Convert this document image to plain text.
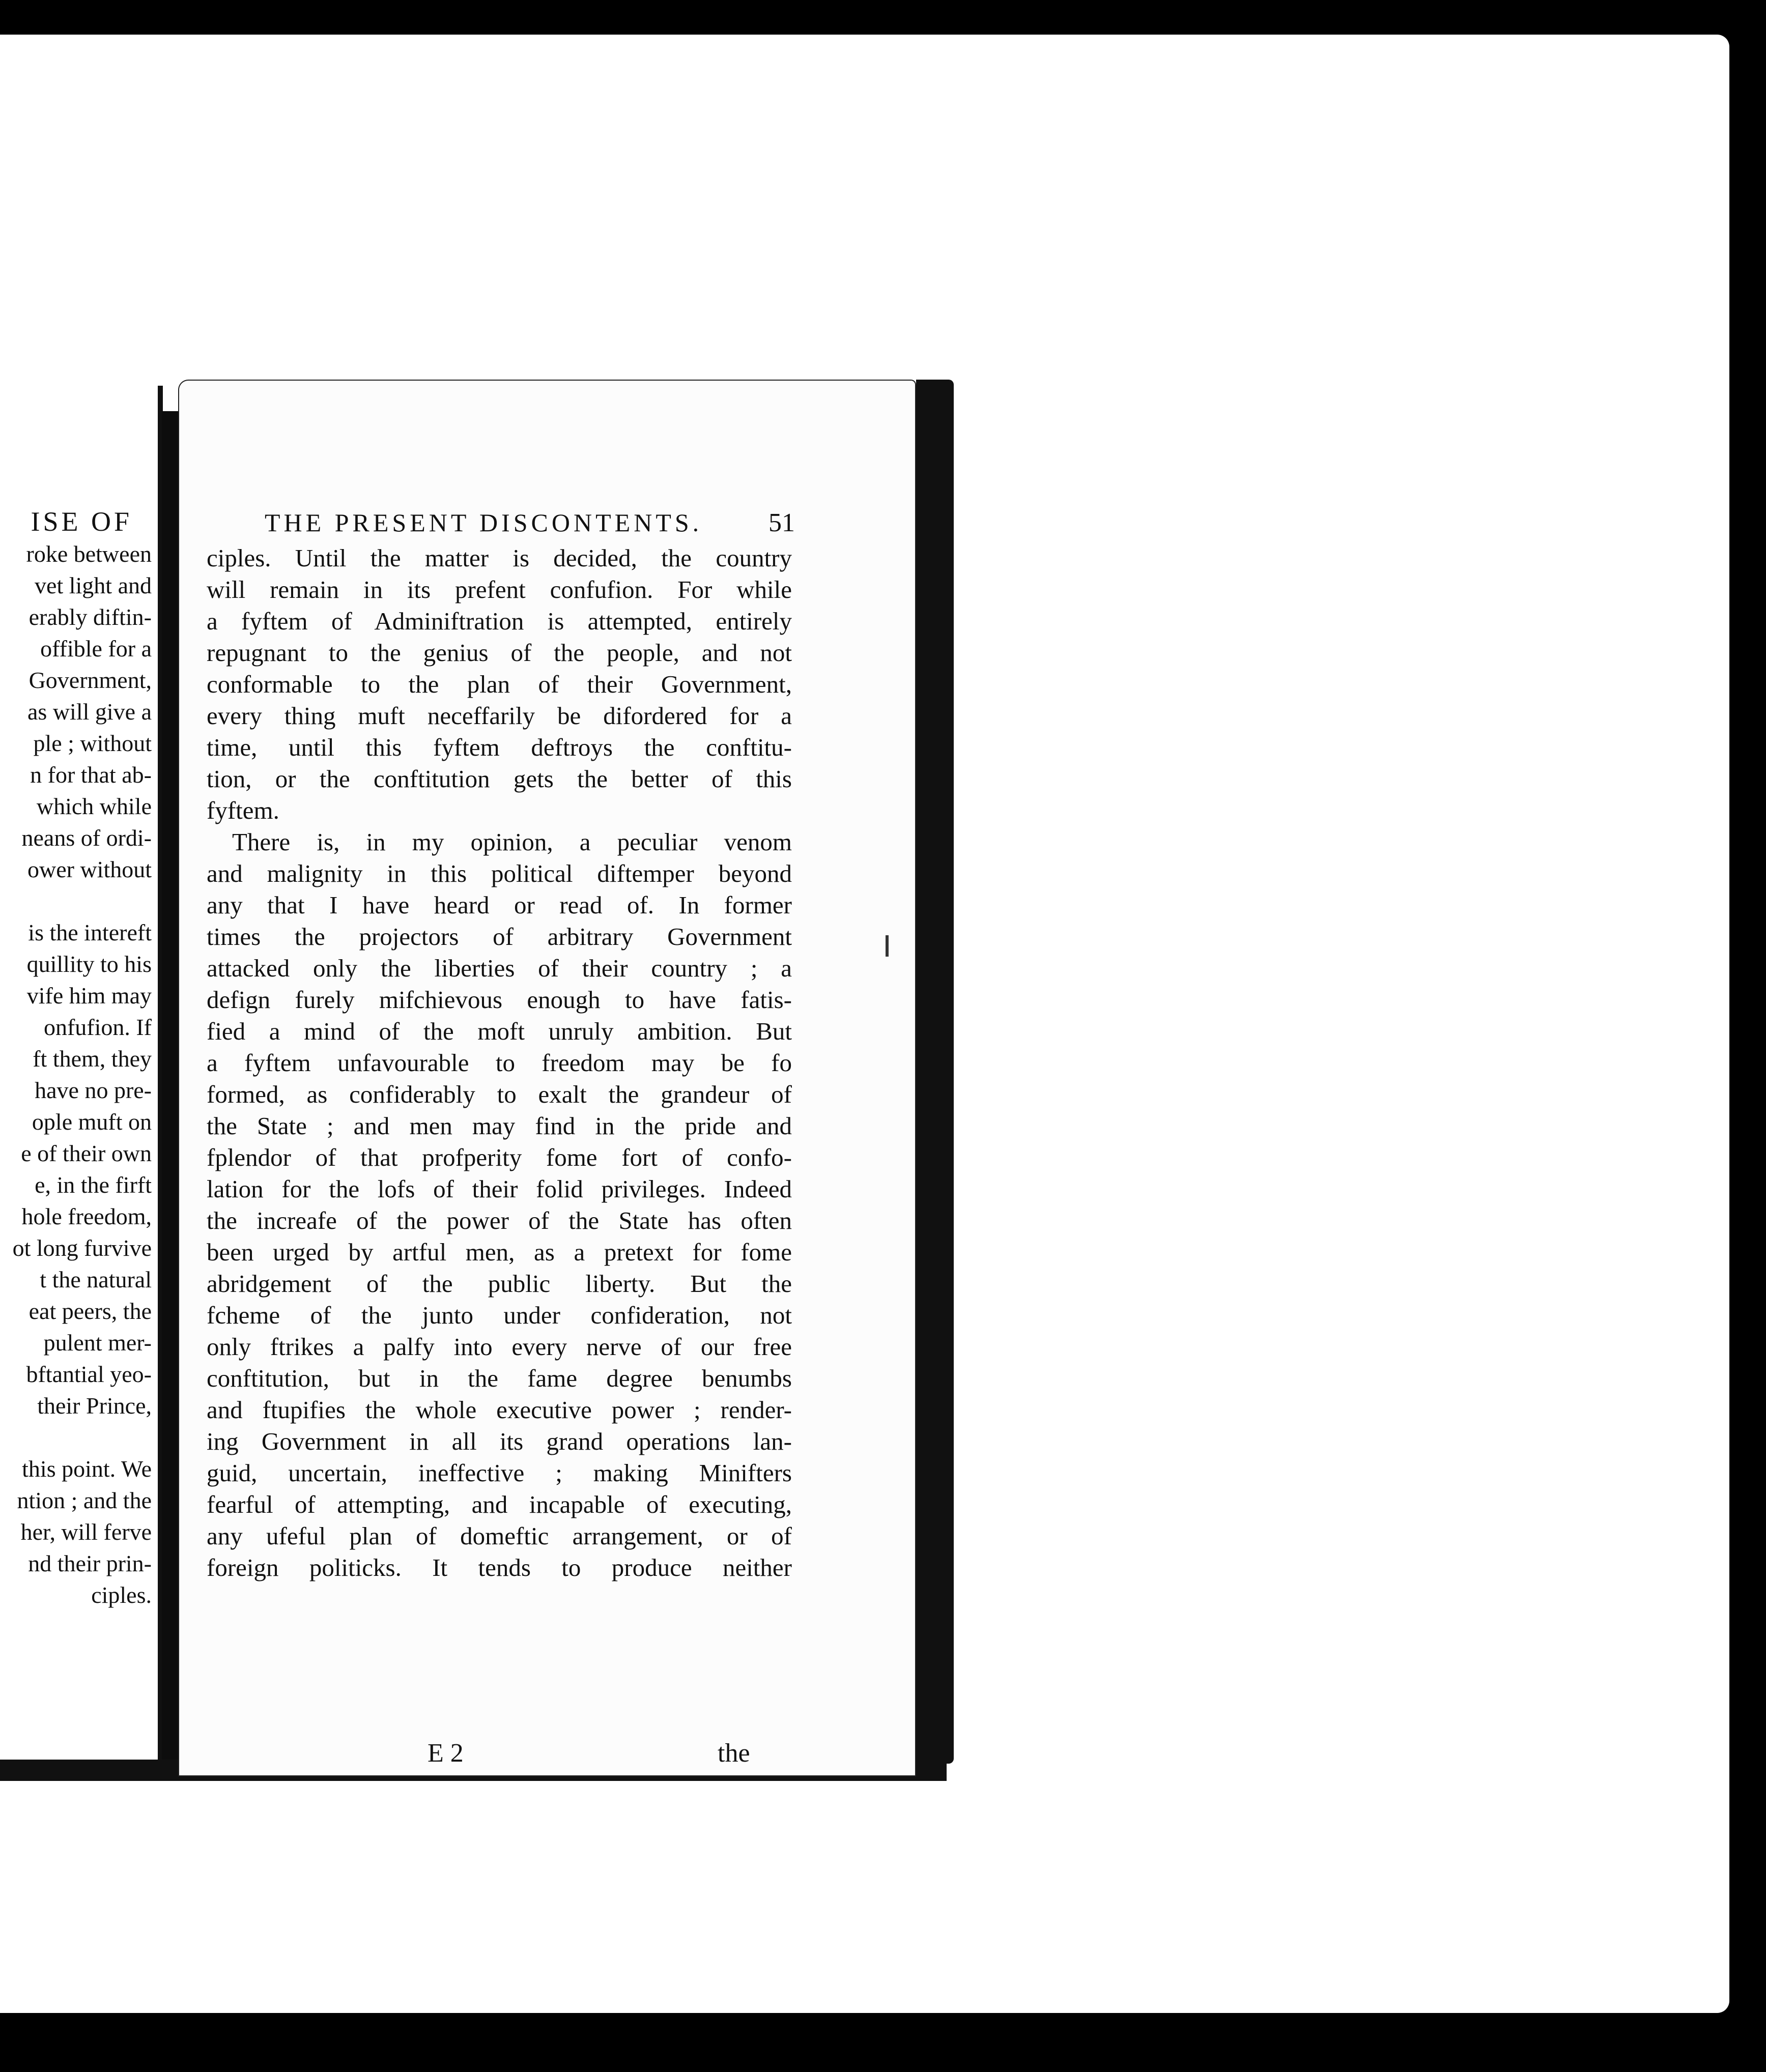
ISE OF
roke between
vet light and
erably diftin-
offible for a
Government,
as will give a
ple ; without
n for that ab-
which while
neans of ordi-
ower without
is the intereft
quillity to his
vife him may
onfufion. If
ft them, they
have no pre-
ople muft on
e of their own
e, in the firft
hole freedom,
ot long furvive
t the natural
eat peers, the
pulent mer-
bftantial yeo-
their Prince,
this point. We
ntion ; and the
her, will ferve
nd their prin-
ciples.
THE PRESENT DISCONTENTS.	51
ciples. Until the matter is decided, the country
will remain in its prefent confufion. For while
a fyftem of Adminiftration is attempted, entirely
repugnant to the genius of the people, and not
conformable to the plan of their Government,
every thing muft neceffarily be difordered for a
time, until this fyftem deftroys the conftitu-
tion, or the conftitution gets the better of this
fyftem.
There is, in my opinion, a peculiar venom
and malignity in this political diftemper beyond
any that I have heard or read of. In former
times the projectors of arbitrary Government
attacked only the liberties of their country ; a
defign furely mifchievous enough to have fatis-
fied a mind of the moft unruly ambition. But
a fyftem unfavourable to freedom may be fo
formed, as confiderably to exalt the grandeur of
the State ; and men may find in the pride and
fplendor of that profperity fome fort of confo-
lation for the lofs of their folid privileges. Indeed
the increafe of the power of the State has often
been urged by artful men, as a pretext for fome
abridgement of the public liberty. But the
fcheme of the junto under confideration, not
only ftrikes a palfy into every nerve of our free
conftitution, but in the fame degree benumbs
and ftupifies the whole executive power ; render-
ing Government in all its grand operations lan-
guid, uncertain, ineffective ; making Minifters
fearful of attempting, and incapable of executing,
any ufeful plan of domeftic arrangement, or of
foreign politicks. It tends to produce neither
E 2	the
